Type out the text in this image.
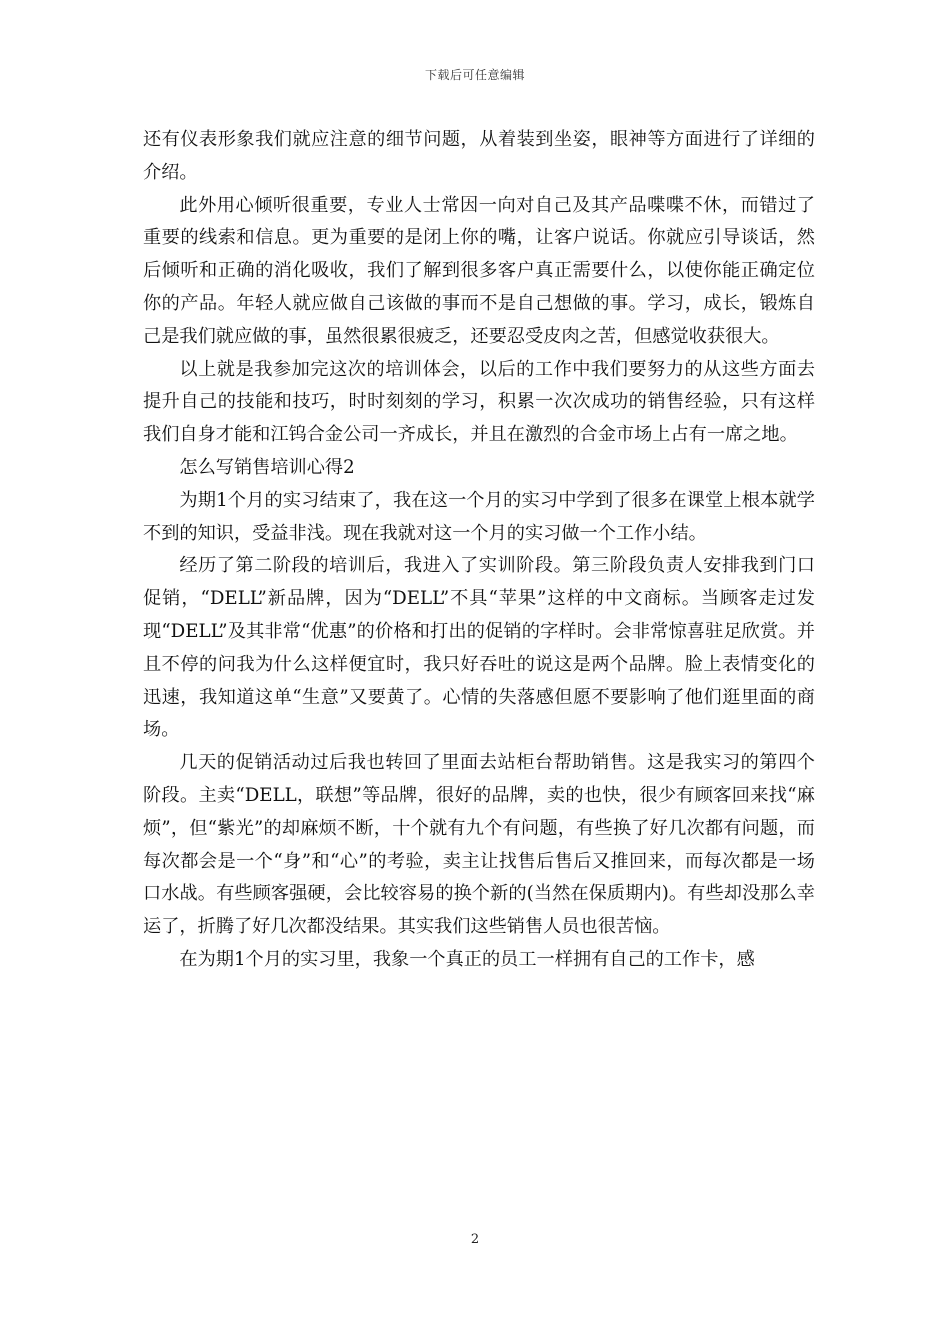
下载后可任意编辑

还有仪表形象我们就应注意的细节问题，从着装到坐姿，眼神等方面进行了详细的介绍。

此外用心倾听很重要，专业人士常因一向对自己及其产品喋喋不休，而错过了重要的线索和信息。更为重要的是闭上你的嘴，让客户说话。你就应引导谈话，然后倾听和正确的消化吸收，我们了解到很多客户真正需要什么，以使你能正确定位你的产品。年轻人就应做自己该做的事而不是自己想做的事。学习，成长，锻炼自己是我们就应做的事，虽然很累很疲乏，还要忍受皮肉之苦，但感觉收获很大。

以上就是我参加完这次的培训体会，以后的工作中我们要努力的从这些方面去提升自己的技能和技巧，时时刻刻的学习，积累一次次成功的销售经验，只有这样我们自身才能和江钨合金公司一齐成长，并且在激烈的合金市场上占有一席之地。

怎么写销售培训心得2

为期1个月的实习结束了，我在这一个月的实习中学到了很多在课堂上根本就学不到的知识，受益非浅。现在我就对这一个月的实习做一个工作小结。

经历了第二阶段的培训后，我进入了实训阶段。第三阶段负责人安排我到门口促销，“DELL”新品牌，因为“DELL”不具“苹果”这样的中文商标。当顾客走过发现“DELL”及其非常“优惠”的价格和打出的促销的字样时。会非常惊喜驻足欣赏。并且不停的问我为什么这样便宜时，我只好吞吐的说这是两个品牌。脸上表情变化的迅速，我知道这单“生意”又要黄了。心情的失落感但愿不要影响了他们逛里面的商场。

几天的促销活动过后我也转回了里面去站柜台帮助销售。这是我实习的第四个阶段。主卖“DELL，联想”等品牌，很好的品牌，卖的也快，很少有顾客回来找“麻烦”，但“紫光”的却麻烦不断，十个就有九个有问题，有些换了好几次都有问题，而每次都会是一个“身”和“心”的考验，卖主让找售后售后又推回来，而每次都是一场口水战。有些顾客强硬，会比较容易的换个新的(当然在保质期内)。有些却没那么幸运了，折腾了好几次都没结果。其实我们这些销售人员也很苦恼。

在为期1个月的实习里，我象一个真正的员工一样拥有自己的工作卡，感

2
